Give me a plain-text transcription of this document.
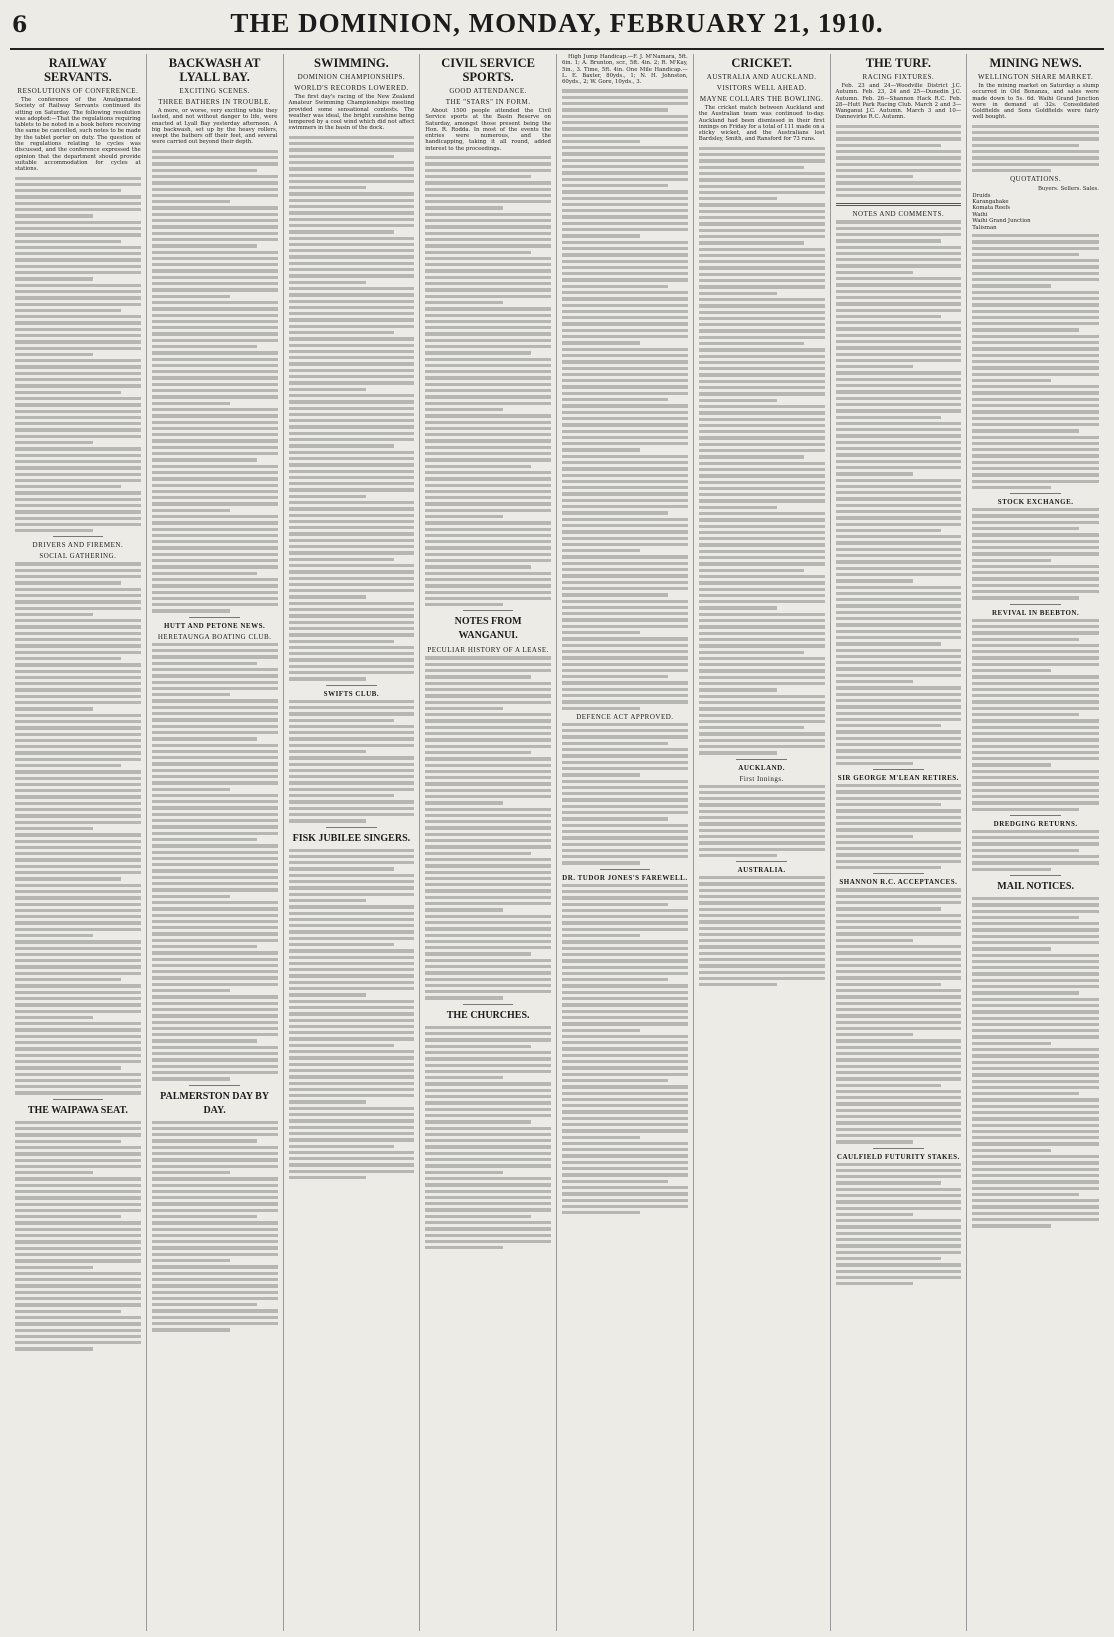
6	THE DOMINION, MONDAY, FEBRUARY 21, 1910.
RAILWAY SERVANTS.
RESOLUTIONS OF CONFERENCE.

The conference of the Amalgamated Society of Railway Servants continued its sitting on Saturday. The following resolution was adopted:—That the regulations requiring tablets to be noted in a book before receiving the same be cancelled, such notes to be made by the tablet porter on duty. The question of the regulations relating to cycles was discussed, and the conference expressed the opinion that the department should provide suitable accommodation for cycles at stations.

DRIVERS AND FIREMEN.
SOCIAL GATHERING.
THE WAIPAWA SEAT.
BACKWASH AT LYALL BAY.
EXCITING SCENES.
THREE BATHERS IN TROUBLE.

A more, or worse, very exciting while they lasted, and not without danger to life, were enacted at Lyall Bay yesterday afternoon. A big backwash, set up by the heavy rollers, swept the bathers off their feet, and several were carried out beyond their depth.

HUTT AND PETONE NEWS.
HERETAUNGA BOATING CLUB.
PALMERSTON DAY BY DAY.
SWIMMING.
DOMINION CHAMPIONSHIPS.
WORLD'S RECORDS LOWERED.

The first day's racing of the New Zealand Amateur Swimming Championships meeting provided some sensational contests. The weather was ideal, the bright sunshine being tempered by a cool wind which did not affect swimmers in the basin of the dock.

SWIFTS CLUB.
FISK JUBILEE SINGERS.
CIVIL SERVICE SPORTS.
GOOD ATTENDANCE.
THE "STARS" IN FORM.

About 1500 people attended the Civil Service sports at the Basin Reserve on Saturday, amongst those present being the Hon. R. Rodda. In most of the events the entries were numerous, and the handicapping, taking it all round, added interest to the proceedings.

NOTES FROM WANGANUI.
PECULIAR HISTORY OF A LEASE.
THE CHURCHES.

High Jump Handicap.—F. J. M'Namara, 5ft. 6in. 1; A. Brunton, scr., 5ft. 4in. 2; R. M'Kay, 5in., 3. Time, 5ft. 4in. One Mile Handicap.—L. E. Baxter, 80yds., 1; N. H. Johnston, 60yds., 2; W. Gore, 10yds., 3.

DEFENCE ACT APPROVED.
DR. TUDOR JONES'S FAREWELL.
CRICKET.
AUSTRALIA AND AUCKLAND.
VISITORS WELL AHEAD.
MAYNE COLLARS THE BOWLING.

The cricket match between Auckland and the Australian team was continued to-day. Auckland had been dismissed in their first innings on Friday for a total of 111 made on a sticky wicket, and the Australians lost Bardsley, Smith, and Ransford for 73 runs.

AUCKLAND.
First Innings.
AUSTRALIA.
THE TURF.
RACING FIXTURES.

Feb. 23 and 24—Woodville District J.C. Autumn. Feb. 23, 24 and 25—Dunedin J.C. Autumn. Feb. 26—Shannon Hack R.C. Feb. 28—Hutt Park Racing Club. March 2 and 3—Wanganui J.C. Autumn. March 3 and 10—Dannevirke R.C. Autumn.

NOTES AND COMMENTS.
SIR GEORGE M'LEAN RETIRES.
SHANNON R.C. ACCEPTANCES.
CAULFIELD FUTURITY STAKES.
MINING NEWS.
WELLINGTON SHARE MARKET.

In the mining market on Saturday a slump occurred in Old Bonanza, and sales were made down to 5s. 6d. Waihi Grand Junction were in demand at 32s. Consolidated Goldfields and Sons Goldfields were fairly well bought.

QUOTATIONS.
	Buyers.	Sellers.	Sales.
Druids			
Karangahake			
Komata Reefs			
Waihi			
Waihi Grand Junction			
Talisman			
STOCK EXCHANGE.
REVIVAL IN BEEBTON.
DREDGING RETURNS.
MAIL NOTICES.
